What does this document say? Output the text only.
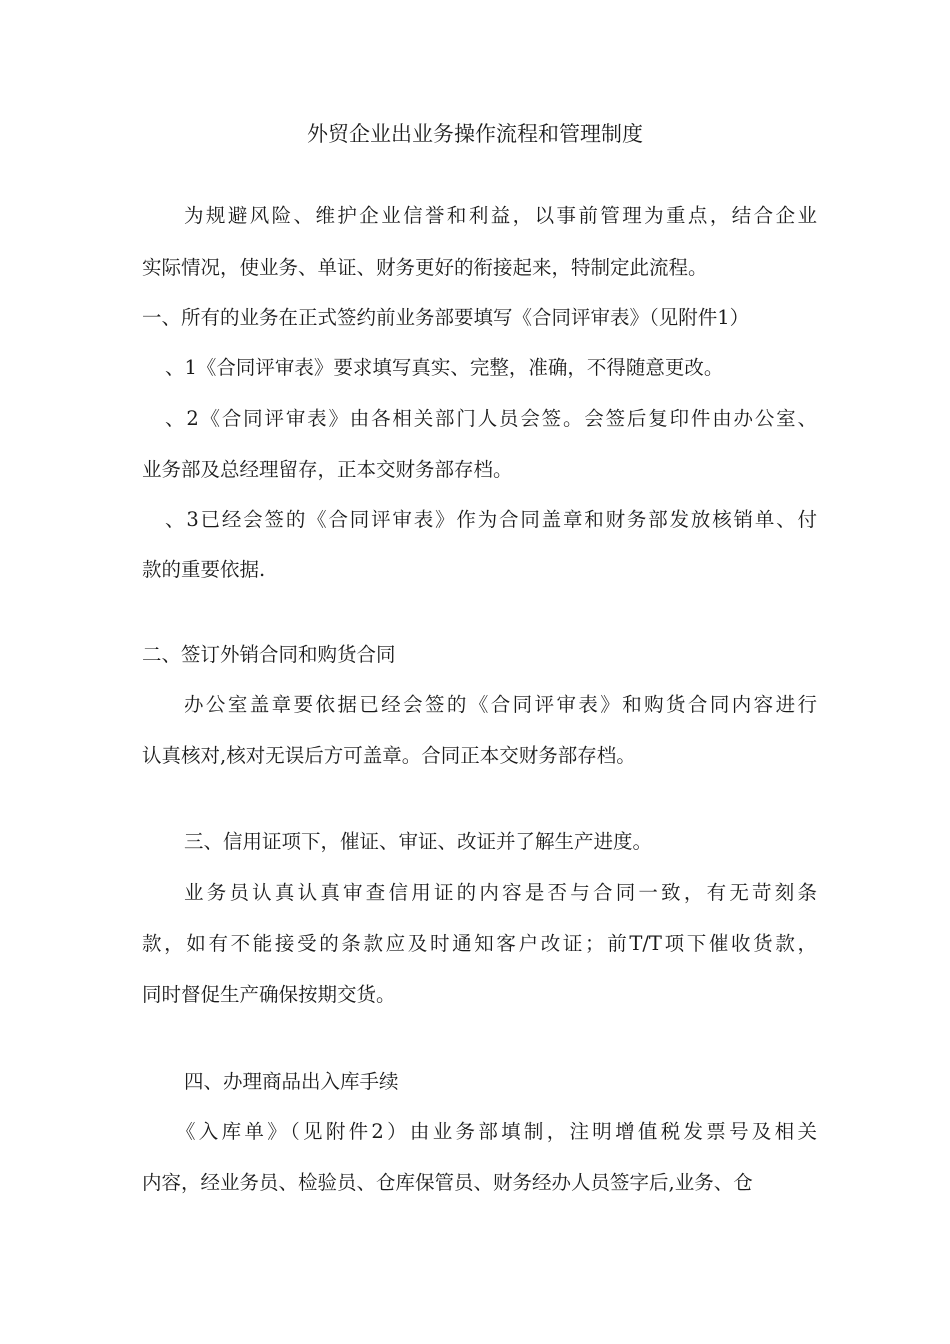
外贸企业出业务操作流程和管理制度
为规避风险、维护企业信誉和利益，以事前管理为重点，结合企业
实际情况，使业务、单证、财务更好的衔接起来，特制定此流程。
一、所有的业务在正式签约前业务部要填写《合同评审表》（见附件1）
、1《合同评审表》要求填写真实、完整，准确，不得随意更改。
、2《合同评审表》由各相关部门人员会签。会签后复印件由办公室、
业务部及总经理留存，正本交财务部存档。
、3已经会签的《合同评审表》作为合同盖章和财务部发放核销单、付
款的重要依据.
二、签订外销合同和购货合同
办公室盖章要依据已经会签的《合同评审表》和购货合同内容进行
认真核对,核对无误后方可盖章。合同正本交财务部存档。
三、信用证项下，催证、审证、改证并了解生产进度。
业务员认真认真审查信用证的内容是否与合同一致，有无苛刻条
款，如有不能接受的条款应及时通知客户改证；前T/T项下催收货款，
同时督促生产确保按期交货。
四、办理商品出入库手续
《入库单》（见附件2）由业务部填制，注明增值税发票号及相关
内容，经业务员、检验员、仓库保管员、财务经办人员签字后,业务、仓
